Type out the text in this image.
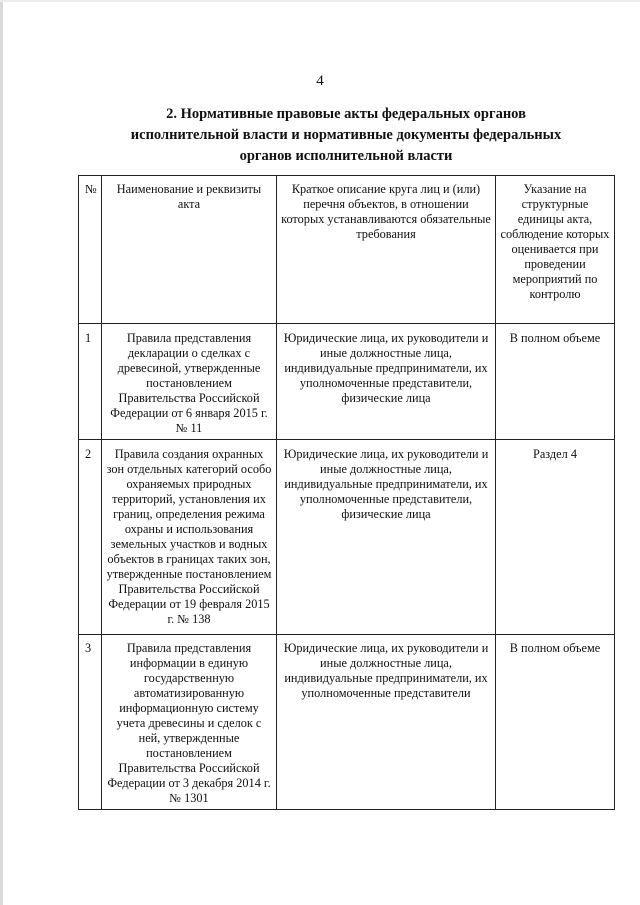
4
2. Нормативные правовые акты федеральных органов
исполнительной власти и нормативные документы федеральных
органов исполнительной власти
№	Наименование и реквизиты акта	Краткое описание круга лиц и (или) перечня объектов, в отношении которых устанавливаются обязательные требования	Указание на структурные единицы акта, соблюдение которых оценивается при проведении мероприятий по контролю
1	Правила представления декларации о сделках с древесиной, утвержденные постановлением Правительства Российской Федерации от 6 января 2015 г. № 11	Юридические лица, их руководители и иные должностные лица, индивидуальные предприниматели, их уполномоченные представители, физические лица	В полном объеме
2	Правила создания охранных зон отдельных категорий особо охраняемых природных территорий, установления их границ, определения режима охраны и использования земельных участков и водных объектов в границах таких зон, утвержденные постановлением Правительства Российской Федерации от 19 февраля 2015 г. № 138	Юридические лица, их руководители и иные должностные лица, индивидуальные предприниматели, их уполномоченные представители, физические лица	Раздел 4
3	Правила представления информации в единую государственную автоматизированную информационную систему учета древесины и сделок с ней, утвержденные постановлением Правительства Российской Федерации от 3 декабря 2014 г. № 1301	Юридические лица, их руководители и иные должностные лица, индивидуальные предприниматели, их уполномоченные представители	В полном объеме
